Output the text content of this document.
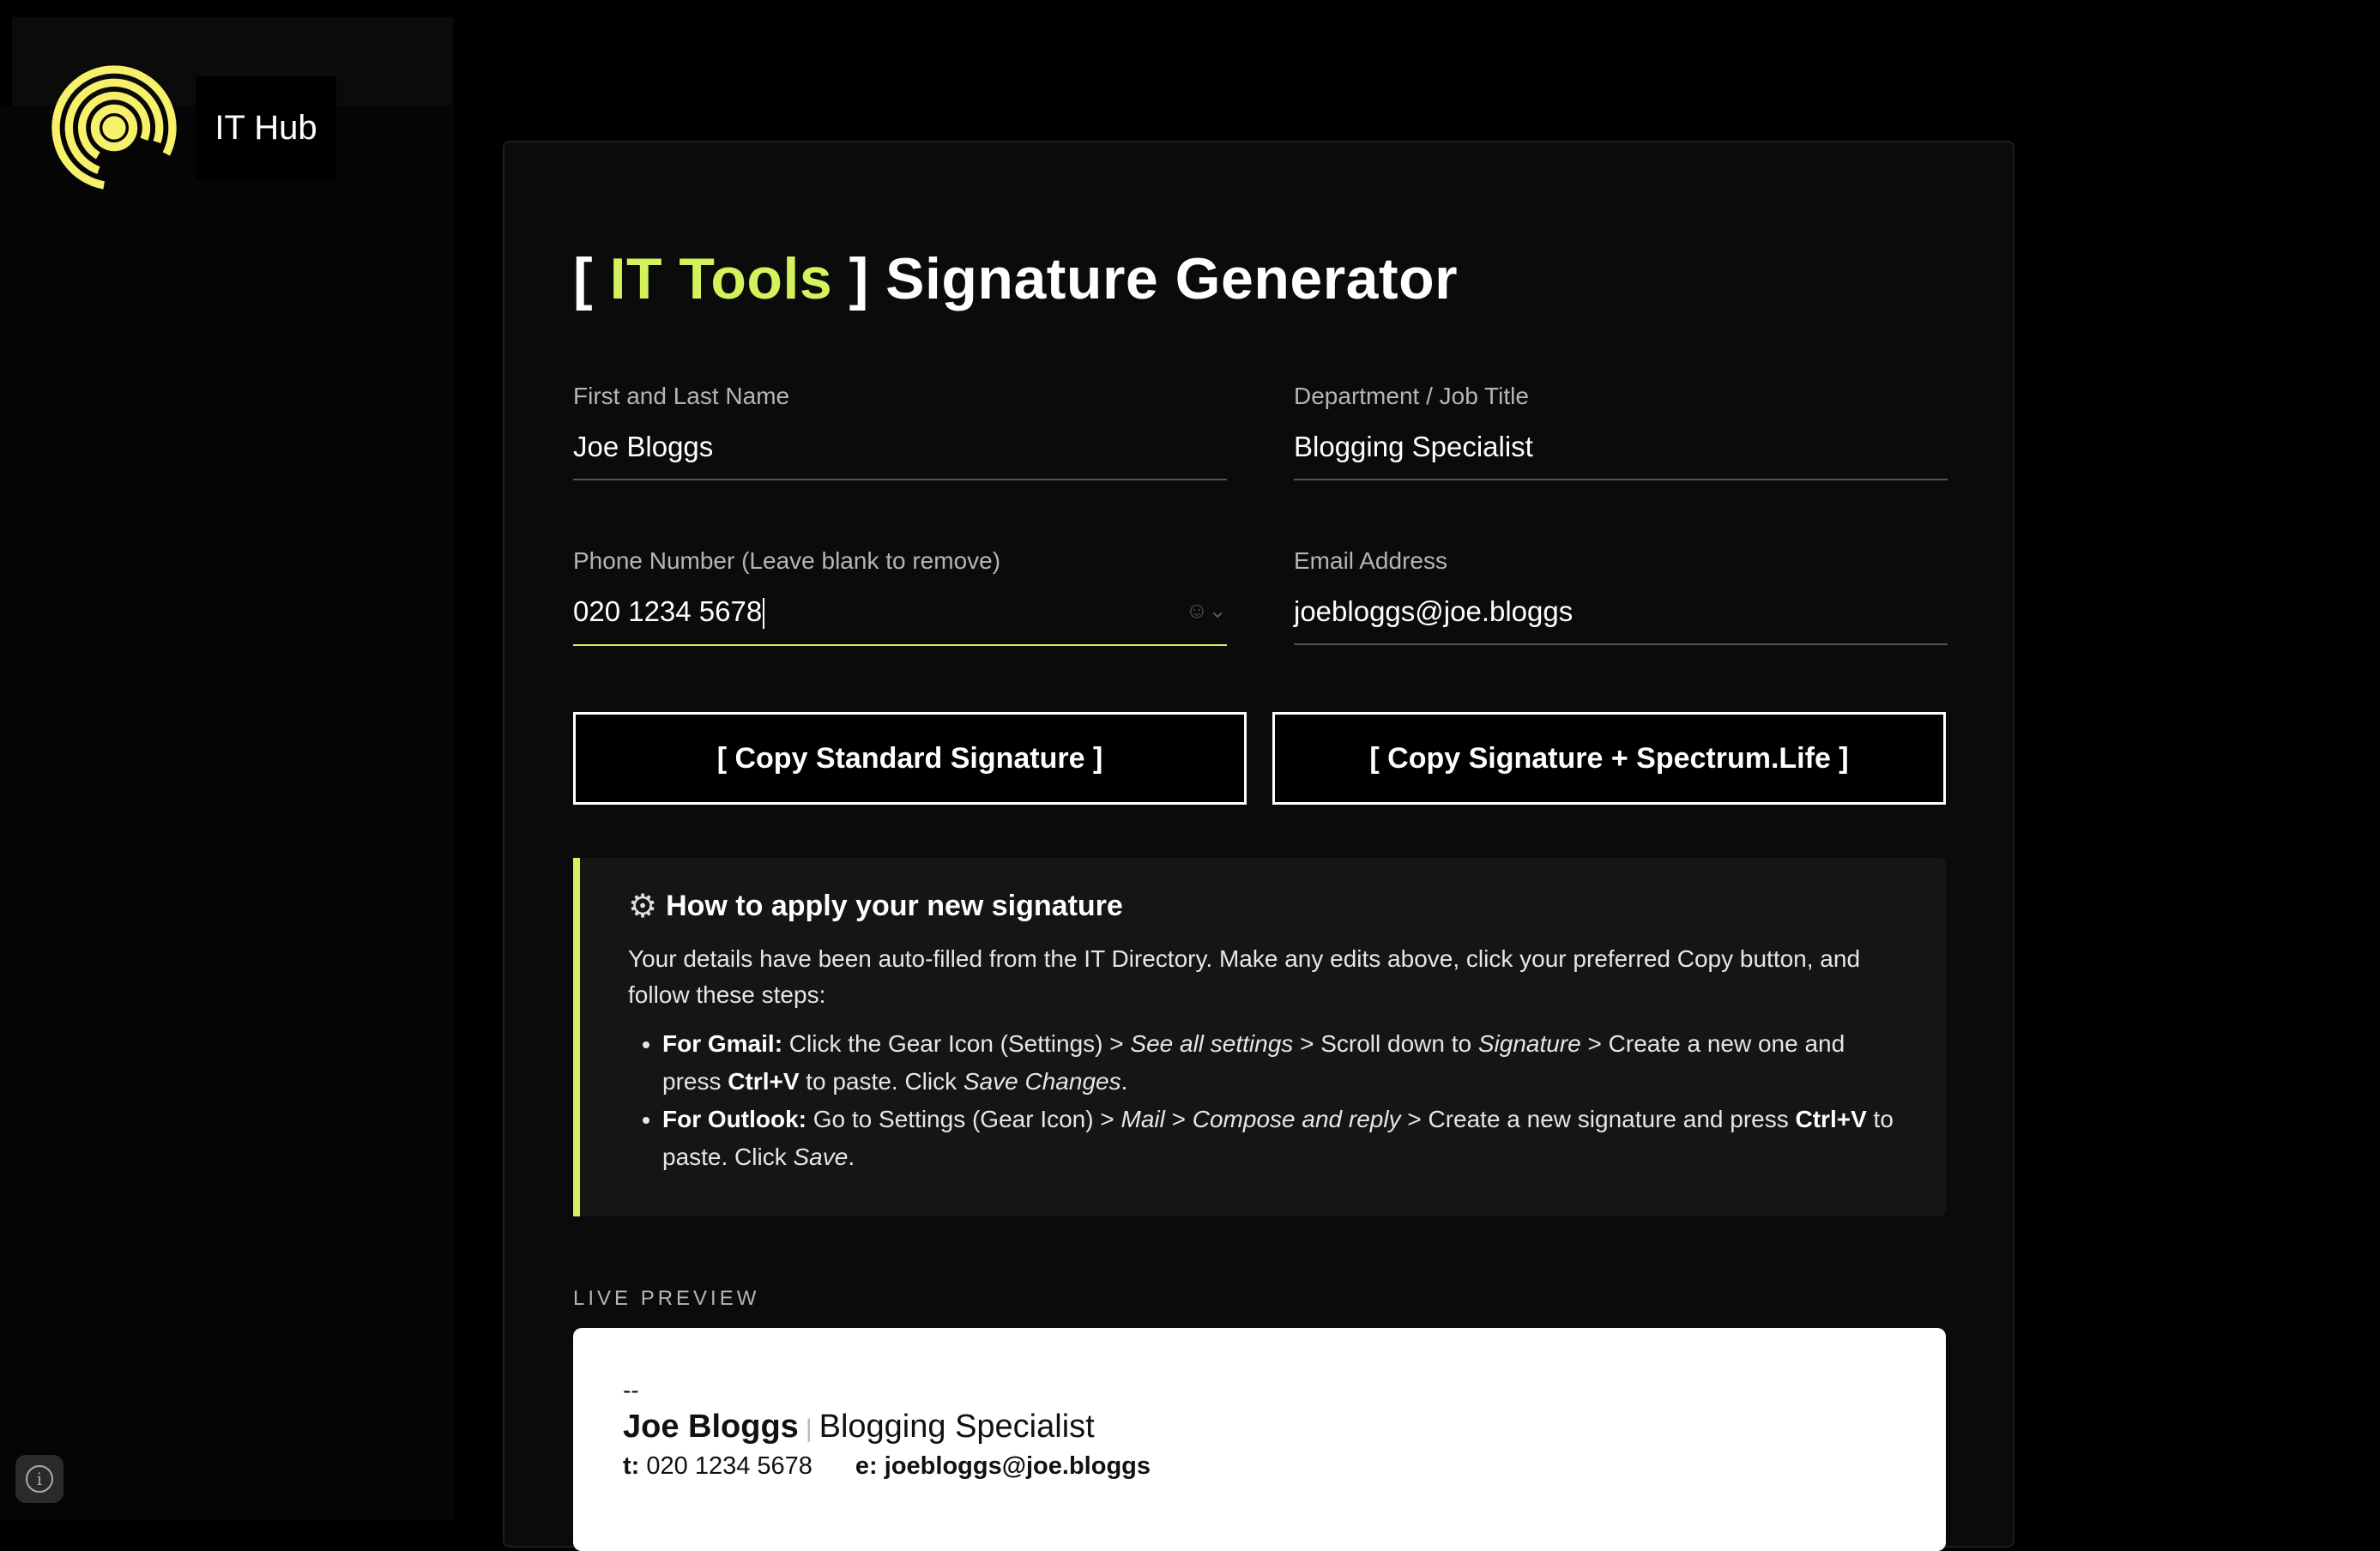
IT Hub
[ IT Tools ] Signature Generator
First and Last Name
Joe Bloggs
Department / Job Title
Blogging Specialist
Phone Number (Leave blank to remove)
020 1234 5678	☺⌄
Email Address
joebloggs@joe.bloggs
[ Copy Standard Signature ]	[ Copy Signature + Spectrum.Life ]
⚙ How to apply your new signature

Your details have been auto-filled from the IT Directory. Make any edits above, click your preferred Copy button, and follow these steps:

• For Gmail: Click the Gear Icon (Settings) > See all settings > Scroll down to Signature > Create a new one and press Ctrl+V to paste. Click Save Changes.
• For Outlook: Go to Settings (Gear Icon) > Mail > Compose and reply > Create a new signature and press Ctrl+V to paste. Click Save.
LIVE PREVIEW
--
Joe Bloggs | Blogging Specialist
t: 020 1234 5678 e: joebloggs@joe.bloggs
i
